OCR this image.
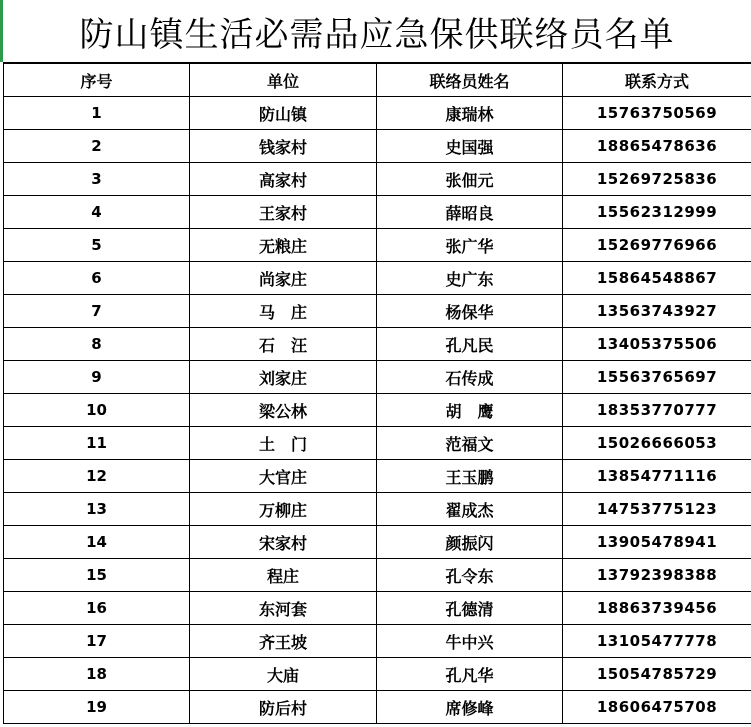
防山镇生活必需品应急保供联络员名单
序号	单位	联络员姓名	联系方式
1	防山镇	康瑞林	15763750569
2	钱家村	史国强	18865478636
3	高家村	张佃元	15269725836
4	王家村	薛昭良	15562312999
5	无粮庄	张广华	15269776966
6	尚家庄	史广东	15864548867
7	马　庄	杨保华	13563743927
8	石　汪	孔凡民	13405375506
9	刘家庄	石传成	15563765697
10	梁公林	胡　鹰	18353770777
11	土　门	范福文	15026666053
12	大官庄	王玉鹏	13854771116
13	万柳庄	翟成杰	14753775123
14	宋家村	颜振闪	13905478941
15	程庄	孔令东	13792398388
16	东河套	孔德清	18863739456
17	齐王坡	牛中兴	13105477778
18	大庙	孔凡华	15054785729
19	防后村	席修峰	18606475708
